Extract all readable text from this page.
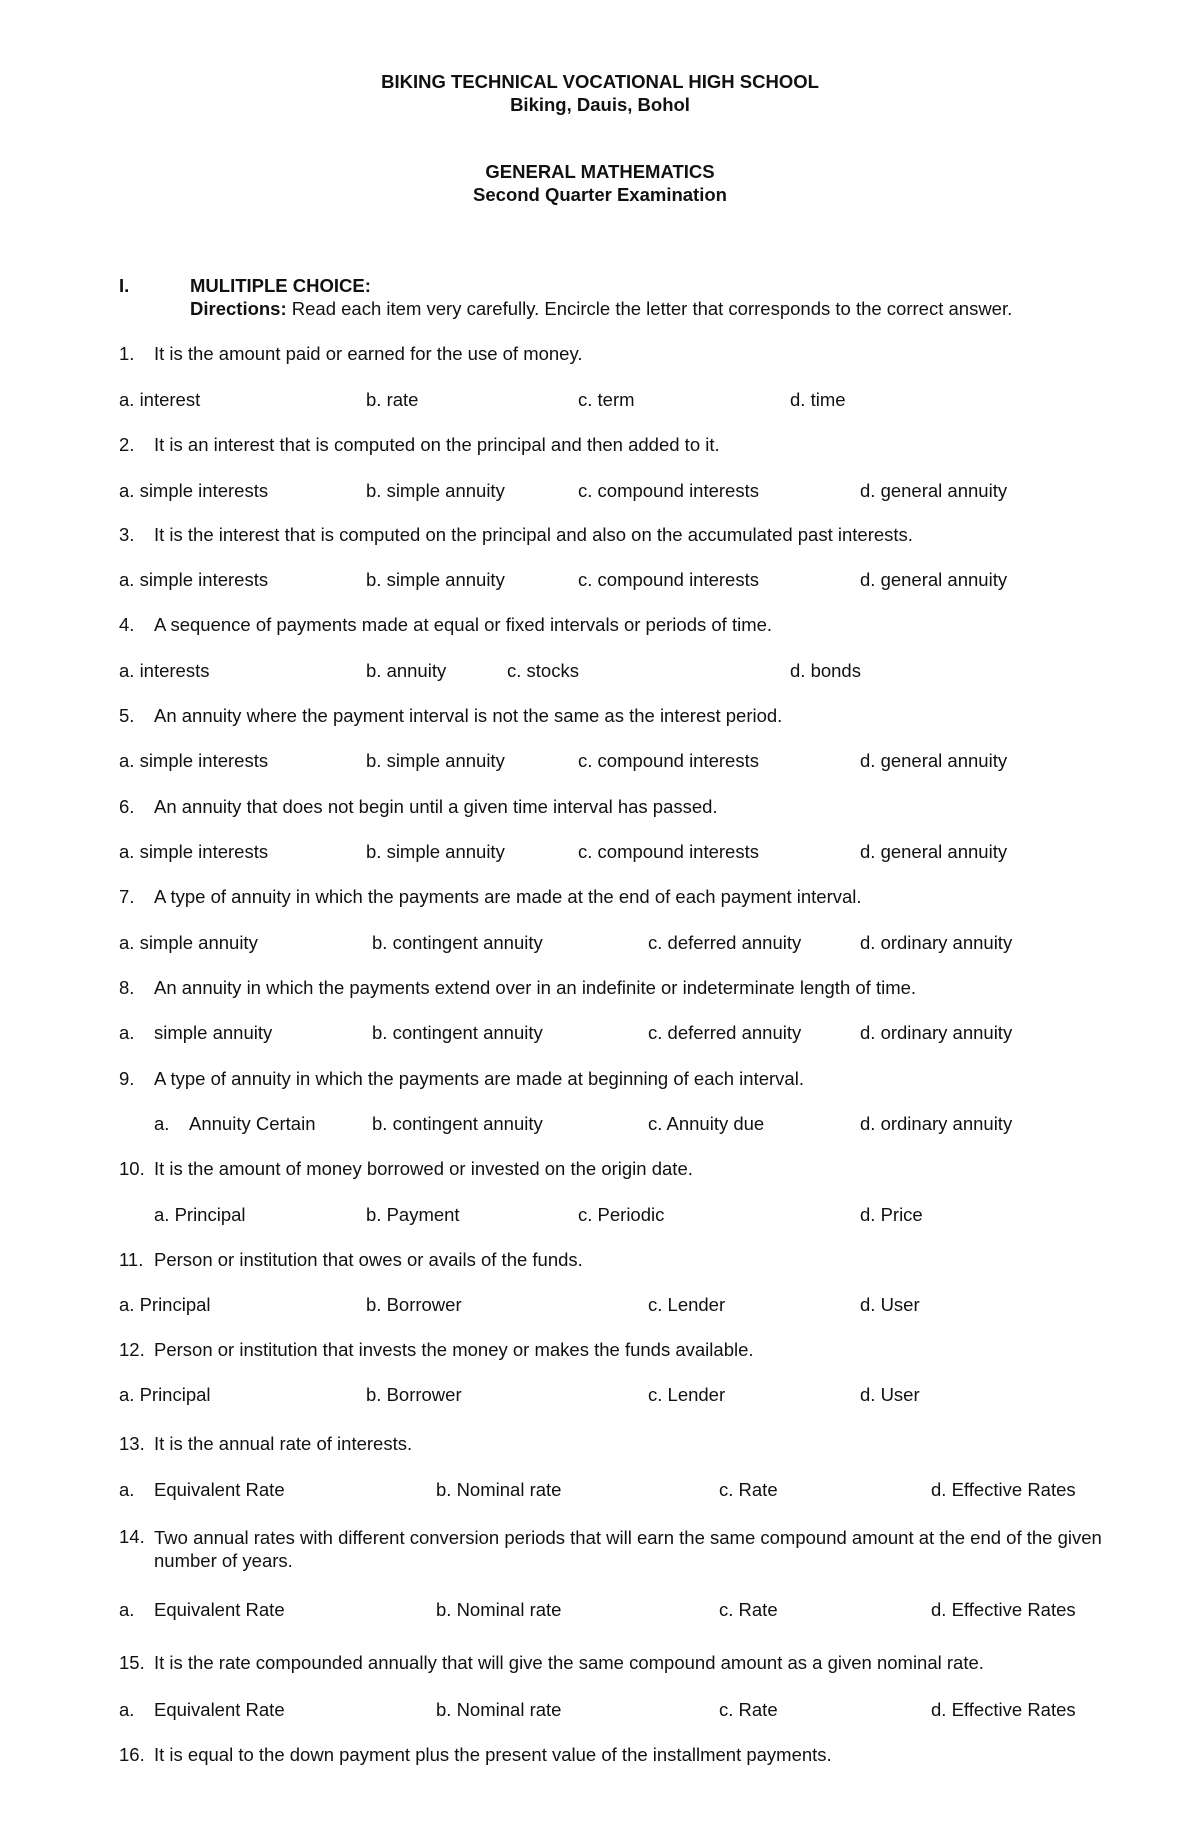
BIKING TECHNICAL VOCATIONAL HIGH SCHOOL
Biking, Dauis, Bohol
GENERAL MATHEMATICS
Second Quarter Examination
I.	MULITIPLE CHOICE:
Directions: Read each item very carefully. Encircle the letter that corresponds to the correct answer.
1. It is the amount paid or earned for the use of money.
a. interest	b. rate	c. term	d. time
2. It is an interest that is computed on the principal and then added to it.
a. simple interests	b. simple annuity	c. compound interests	d. general annuity
3. It is the interest that is computed on the principal and also on the accumulated past interests.
a. simple interests	b. simple annuity	c. compound interests	d. general annuity
4. A sequence of payments made at equal or fixed intervals or periods of time.
a. interests	b. annuity	c. stocks	d. bonds
5. An annuity where the payment interval is not the same as the interest period.
a. simple interests	b. simple annuity	c. compound interests	d. general annuity
6. An annuity that does not begin until a given time interval has passed.
a. simple interests	b. simple annuity	c. compound interests	d. general annuity
7. A type of annuity in which the payments are made at the end of each payment interval.
a. simple annuity	b. contingent annuity	c. deferred annuity	d. ordinary annuity
8. An annuity in which the payments extend over in an indefinite or indeterminate length of time.
a. simple annuity	b. contingent annuity	c. deferred annuity	d. ordinary annuity
9. A type of annuity in which the payments are made at beginning of each interval.
a. Annuity Certain	b. contingent annuity	c. Annuity due	d. ordinary annuity
10. It is the amount of money borrowed or invested on the origin date.
a. Principal	b. Payment	c. Periodic	d. Price
11. Person or institution that owes or avails of the funds.
a. Principal	b. Borrower	c. Lender	d. User
12. Person or institution that invests the money or makes the funds available.
a. Principal	b. Borrower	c. Lender	d. User
13. It is the annual rate of interests.
a. Equivalent Rate	b. Nominal rate	c. Rate	d. Effective Rates
14. Two annual rates with different conversion periods that will earn the same compound amount at the end of the given number of years.
a. Equivalent Rate	b. Nominal rate	c. Rate	d. Effective Rates
15. It is the rate compounded annually that will give the same compound amount as a given nominal rate.
a. Equivalent Rate	b. Nominal rate	c. Rate	d. Effective Rates
16. It is equal to the down payment plus the present value of the installment payments.
